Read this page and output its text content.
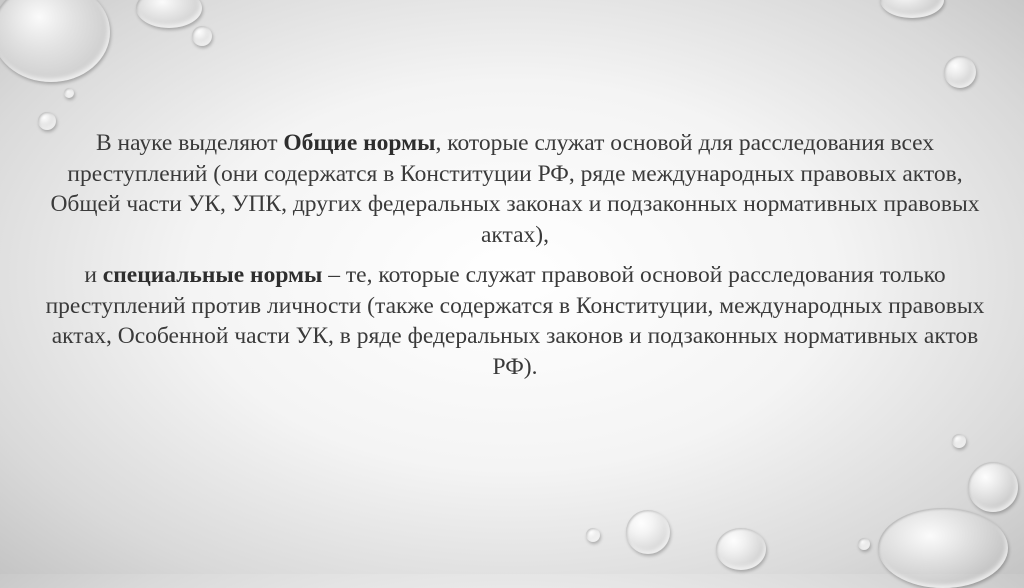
В науке выделяют Общие нормы, которые служат основой для расследования всех преступлений (они содержатся в Конституции РФ, ряде международных правовых актов, Общей части УК, УПК, других федеральных законах и подзаконных нормативных правовых актах),

и специальные нормы – те, которые служат правовой основой расследования только преступлений против личности (также содержатся в Конституции, международных правовых актах, Особенной части УК, в ряде федеральных законов и подзаконных нормативных актов РФ).
